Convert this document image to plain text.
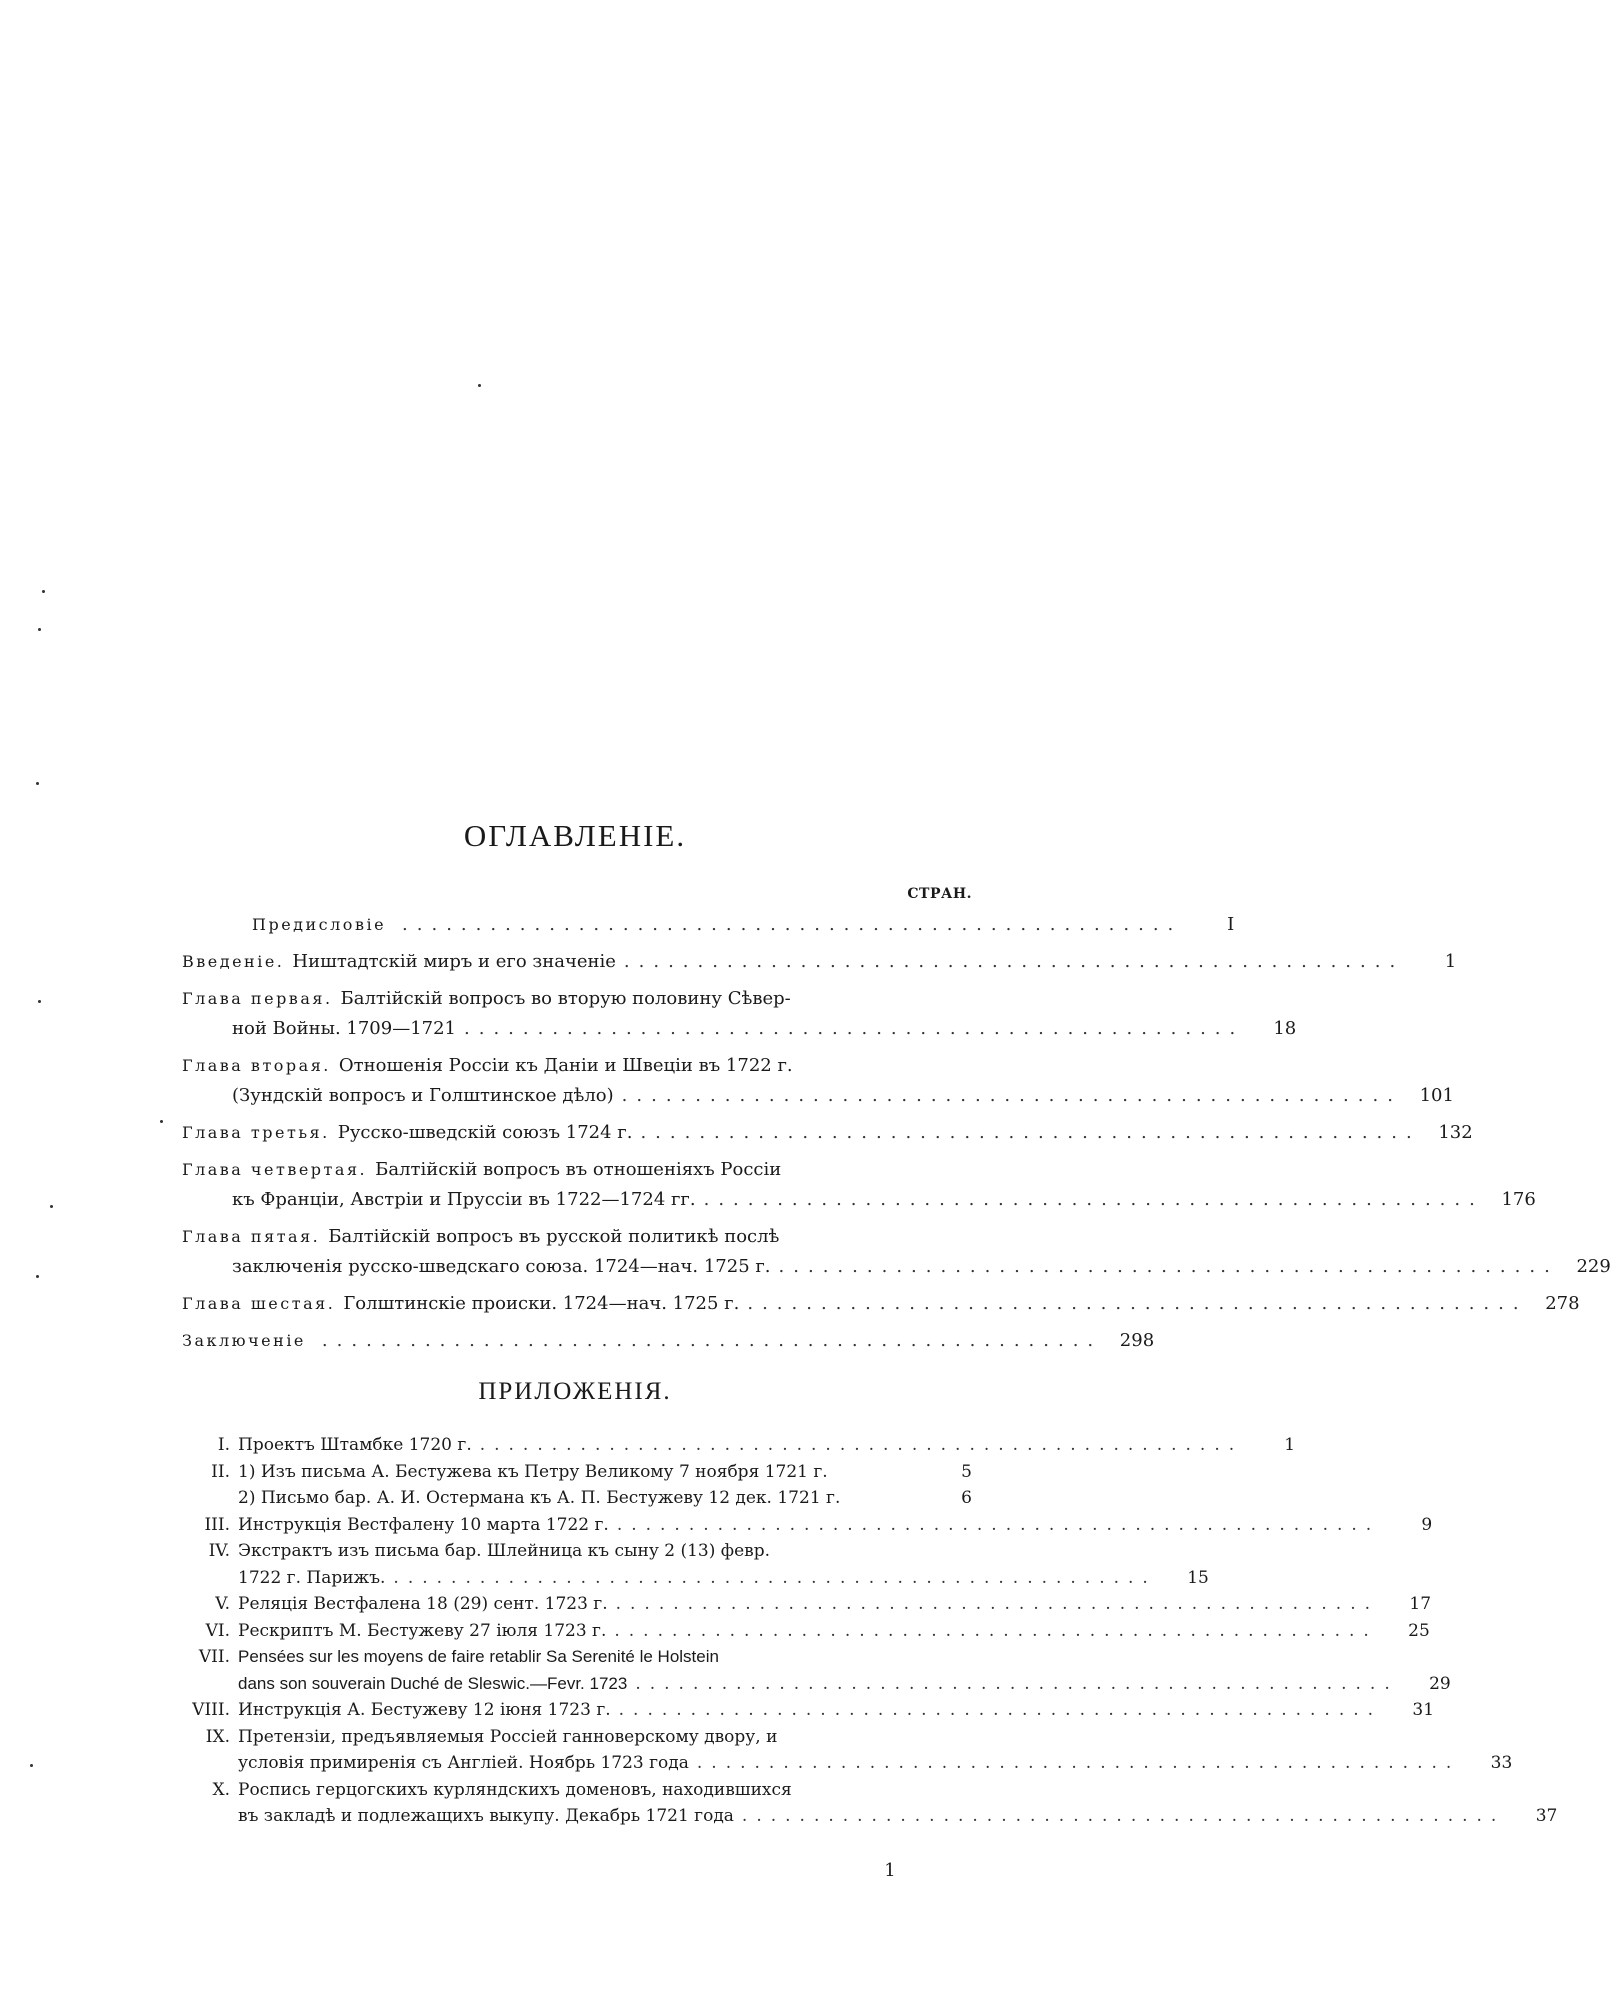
ОГЛАВЛЕНІЕ.
СТРАН.
Предисловіе .....................................................	I
Введеніе. Ништадтскій миръ и его значеніе .....................................................	1
Глава первая. Балтійскій вопросъ во вторую половину Сѣвер-
ной Войны. 1709—1721 .....................................................	18
Глава вторая. Отношенія Россіи къ Даніи и Швеціи въ 1722 г.
(Зундскій вопросъ и Голштинское дѣло) ..................................................... 101
Глава третья. Русско-шведскій союзъ 1724 г. ..................................................... 132
Глава четвертая. Балтійскій вопросъ въ отношеніяхъ Россіи
къ Франціи, Австріи и Пруссіи въ 1722—1724 гг. ..................................................... 176
Глава пятая. Балтійскій вопросъ въ русской политикѣ послѣ
заключенія русско-шведскаго союза. 1724—нач. 1725 г. ..................................................... 229
Глава шестая. Голштинскіе происки. 1724—нач. 1725 г. ..................................................... 278
Заключеніе ..................................................... 298
ПРИЛОЖЕНІЯ.
I. Проектъ Штамбке 1720 г. .....................................................	1
II. 1) Изъ письма А. Бестужева къ Петру Великому 7 ноября 1721 г.	5
2) Письмо бар. А. И. Остермана къ А. П. Бестужеву 12 дек. 1721 г.	6
III. Инструкція Вестфалену 10 марта 1722 г. .....................................................	9
IV. Экстрактъ изъ письма бар. Шлейница къ сыну 2 (13) февр.
1722 г. Парижъ. .....................................................	15
V. Реляція Вестфалена 18 (29) сент. 1723 г. .....................................................	17
VI. Рескриптъ М. Бестужеву 27 іюля 1723 г. .....................................................	25
VII. Pensées sur les moyens de faire retablir Sa Serenité le Holstein
dans son souverain Duché de Sleswic.—Fevr. 1723 .....................................................	29
VIII. Инструкція А. Бестужеву 12 іюня 1723 г. .....................................................	31
IX. Претензіи, предъявляемыя Россіей ганноверскому двору, и
условія примиренія съ Англіей. Ноябрь 1723 года .....................................................	33
X. Роспись герцогскихъ курляндскихъ доменовъ, находившихся
въ закладѣ и подлежащихъ выкупу. Декабрь 1721 года .....................................................	37
1
